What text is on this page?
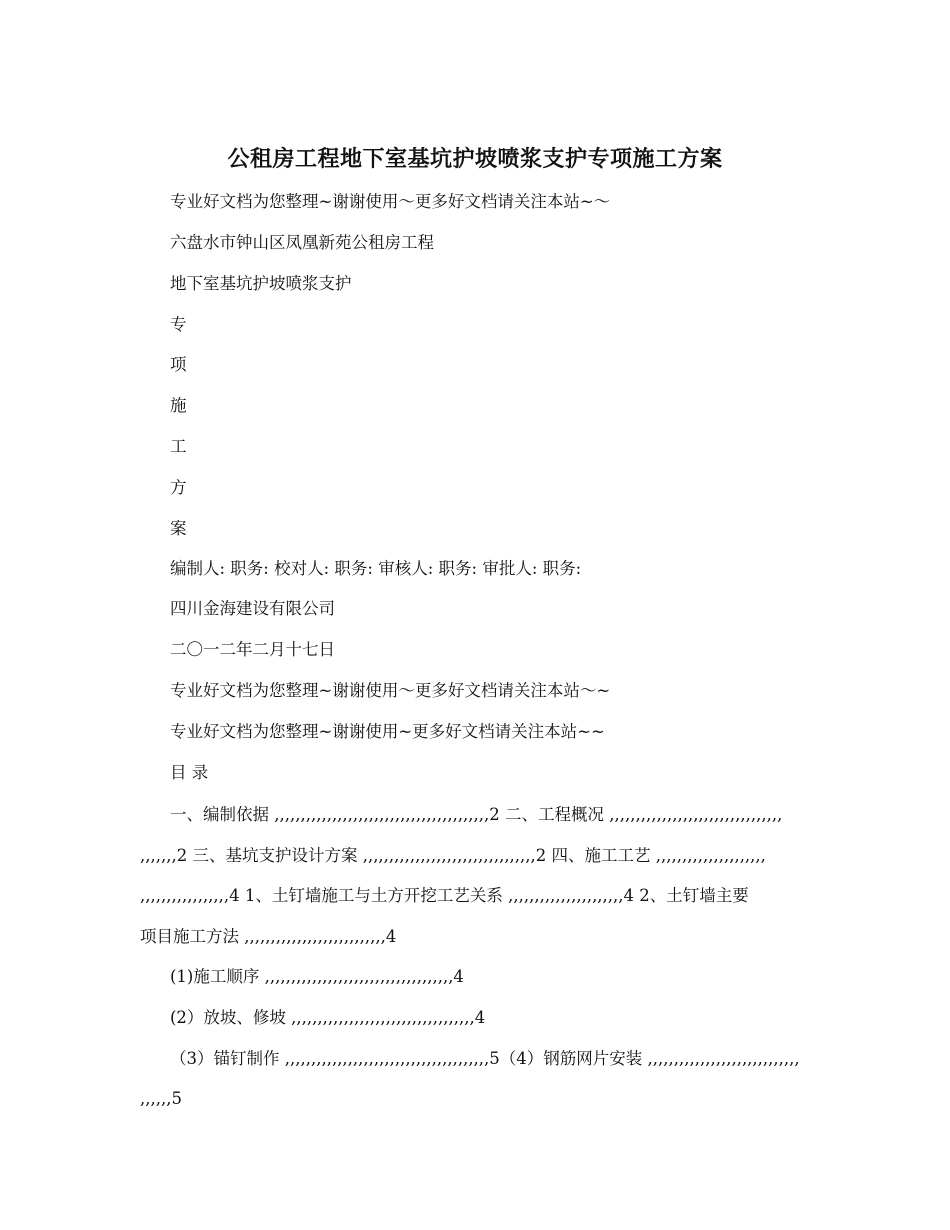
公租房工程地下室基坑护坡喷浆支护专项施工方案
专业好文档为您整理~谢谢使用～更多好文档请关注本站~～
六盘水市钟山区凤凰新苑公租房工程
地下室基坑护坡喷浆支护
专
项
施
工
方
案
编制人: 职务: 校对人: 职务: 审核人: 职务: 审批人: 职务:
四川金海建设有限公司
二〇一二年二月十七日
专业好文档为您整理~谢谢使用～更多好文档请关注本站～~
专业好文档为您整理~谢谢使用~更多好文档请关注本站~~
目 录
一、编制依据 ,,,,,,,,,,,,,,,,,,,,,,,,,,,,,,,,,,,,,,,,,2 二、工程概况 ,,,,,,,,,,,,,,,,,,,,,,,,,,,,,,,,,
,,,,,,,2 三、基坑支护设计方案 ,,,,,,,,,,,,,,,,,,,,,,,,,,,,,,,,,2 四、施工工艺 ,,,,,,,,,,,,,,,,,,,,,
,,,,,,,,,,,,,,,,,4 1、土钉墙施工与土方开挖工艺关系 ,,,,,,,,,,,,,,,,,,,,,,4 2、土钉墙主要
项目施工方法 ,,,,,,,,,,,,,,,,,,,,,,,,,,,4
(1)施工顺序 ,,,,,,,,,,,,,,,,,,,,,,,,,,,,,,,,,,,,4
(2）放坡、修坡 ,,,,,,,,,,,,,,,,,,,,,,,,,,,,,,,,,,,4
（3）锚钉制作 ,,,,,,,,,,,,,,,,,,,,,,,,,,,,,,,,,,,,,,,5（4）钢筋网片安装 ,,,,,,,,,,,,,,,,,,,,,,,,,,,,,
,,,,,,5
